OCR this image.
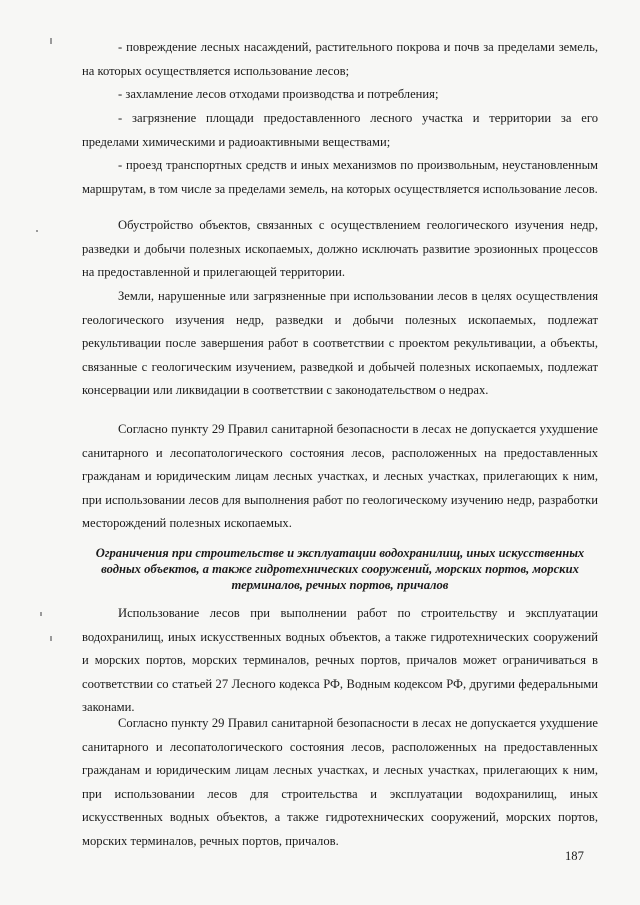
- повреждение лесных насаждений, растительного покрова и почв за пределами земель, на которых осуществляется использование лесов;

- захламление лесов отходами производства и потребления;

- загрязнение площади предоставленного лесного участка и территории за его пределами химическими и радиоактивными веществами;

- проезд транспортных средств и иных механизмов по произвольным, неустановленным маршрутам, в том числе за пределами земель, на которых осуществляется использование лесов.

Обустройство объектов, связанных с осуществлением геологического изучения недр, разведки и добычи полезных ископаемых, должно исключать развитие эрозионных процессов на предоставленной и прилегающей территории.

Земли, нарушенные или загрязненные при использовании лесов в целях осуществления геологического изучения недр, разведки и добычи полезных ископаемых, подлежат рекультивации после завершения работ в соответствии с проектом рекультивации, а объекты, связанные с геологическим изучением, разведкой и добычей полезных ископаемых, подлежат консервации или ликвидации в соответствии с законодательством о недрах.

Согласно пункту 29 Правил санитарной безопасности в лесах не допускается ухудшение санитарного и лесопатологического состояния лесов, расположенных на предоставленных гражданам и юридическим лицам лесных участках, и лесных участках, прилегающих к ним, при использовании лесов для выполнения работ по геологическому изучению недр, разработки месторождений полезных ископаемых.

Ограничения при строительстве и эксплуатации водохранилищ, иных искусственных водных объектов, а также гидротехнических сооружений, морских портов, морских терминалов, речных портов, причалов

Использование лесов при выполнении работ по строительству и эксплуатации водохранилищ, иных искусственных водных объектов, а также гидротехнических сооружений и морских портов, морских терминалов, речных портов, причалов может ограничиваться в соответствии со статьей 27 Лесного кодекса РФ, Водным кодексом РФ, другими федеральными законами.

Согласно пункту 29 Правил санитарной безопасности в лесах не допускается ухудшение санитарного и лесопатологического состояния лесов, расположенных на предоставленных гражданам и юридическим лицам лесных участках, и лесных участках, прилегающих к ним, при использовании лесов для строительства и эксплуатации водохранилищ, иных искусственных водных объектов, а также гидротехнических сооружений, морских портов, морских терминалов, речных портов, причалов.

187
